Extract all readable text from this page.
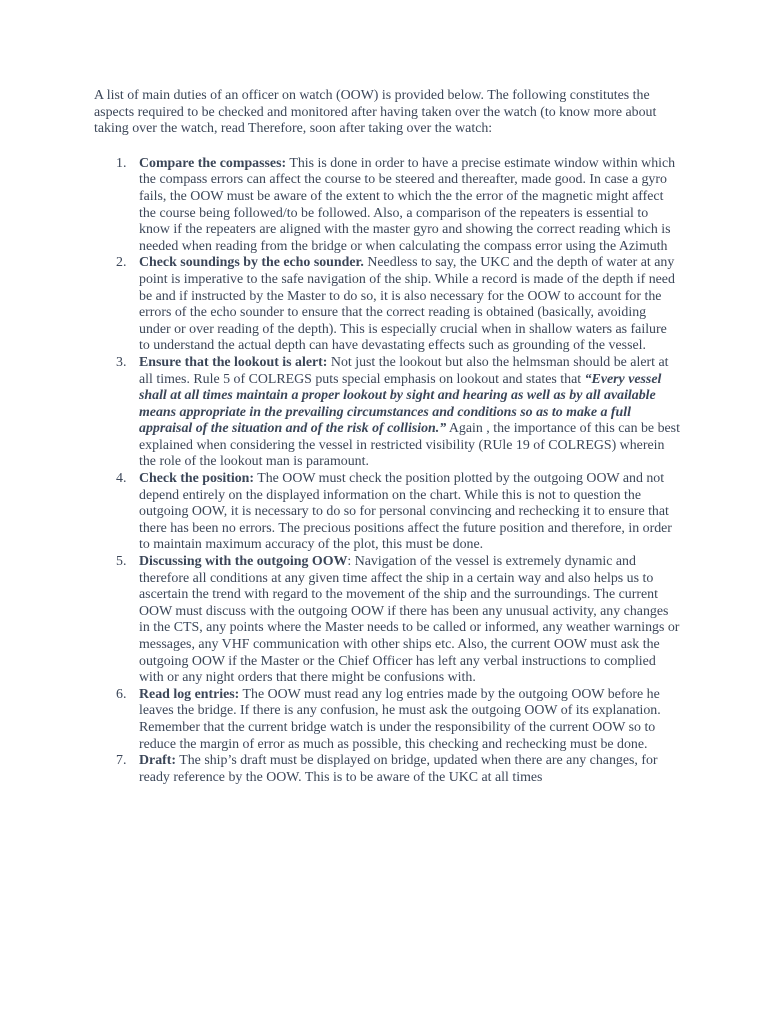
A list of main duties of an officer on watch (OOW) is provided below. The following constitutes the aspects required to be checked and monitored after having taken over the watch (to know more about taking over the watch, read Therefore, soon after taking over the watch:

1. Compare the compasses: This is done in order to have a precise estimate window within which the compass errors can affect the course to be steered and thereafter, made good. In case a gyro fails, the OOW must be aware of the extent to which the the error of the magnetic might affect the course being followed/to be followed. Also, a comparison of the repeaters is essential to know if the repeaters are aligned with the master gyro and showing the correct reading which is needed when reading from the bridge or when calculating the compass error using the Azimuth
2. Check soundings by the echo sounder. Needless to say, the UKC and the depth of water at any point is imperative to the safe navigation of the ship. While a record is made of the depth if need be and if instructed by the Master to do so, it is also necessary for the OOW to account for the errors of the echo sounder to ensure that the correct reading is obtained (basically, avoiding under or over reading of the depth). This is especially crucial when in shallow waters as failure to understand the actual depth can have devastating effects such as grounding of the vessel.
3. Ensure that the lookout is alert: Not just the lookout but also the helmsman should be alert at all times. Rule 5 of COLREGS puts special emphasis on lookout and states that “Every vessel shall at all times maintain a proper lookout by sight and hearing as well as by all available means appropriate in the prevailing circumstances and conditions so as to make a full appraisal of the situation and of the risk of collision.” Again , the importance of this can be best explained when considering the vessel in restricted visibility (RUle 19 of COLREGS) wherein the role of the lookout man is paramount.
4. Check the position: The OOW must check the position plotted by the outgoing OOW and not depend entirely on the displayed information on the chart. While this is not to question the outgoing OOW, it is necessary to do so for personal convincing and rechecking it to ensure that there has been no errors. The precious positions affect the future position and therefore, in order to maintain maximum accuracy of the plot, this must be done.
5. Discussing with the outgoing OOW: Navigation of the vessel is extremely dynamic and therefore all conditions at any given time affect the ship in a certain way and also helps us to ascertain the trend with regard to the movement of the ship and the surroundings. The current OOW must discuss with the outgoing OOW if there has been any unusual activity, any changes in the CTS, any points where the Master needs to be called or informed, any weather warnings or messages, any VHF communication with other ships etc. Also, the current OOW must ask the outgoing OOW if the Master or the Chief Officer has left any verbal instructions to complied with or any night orders that there might be confusions with.
6. Read log entries: The OOW must read any log entries made by the outgoing OOW before he leaves the bridge. If there is any confusion, he must ask the outgoing OOW of its explanation. Remember that the current bridge watch is under the responsibility of the current OOW so to reduce the margin of error as much as possible, this checking and rechecking must be done.
7. Draft: The ship’s draft must be displayed on bridge, updated when there are any changes, for ready reference by the OOW. This is to be aware of the UKC at all times
